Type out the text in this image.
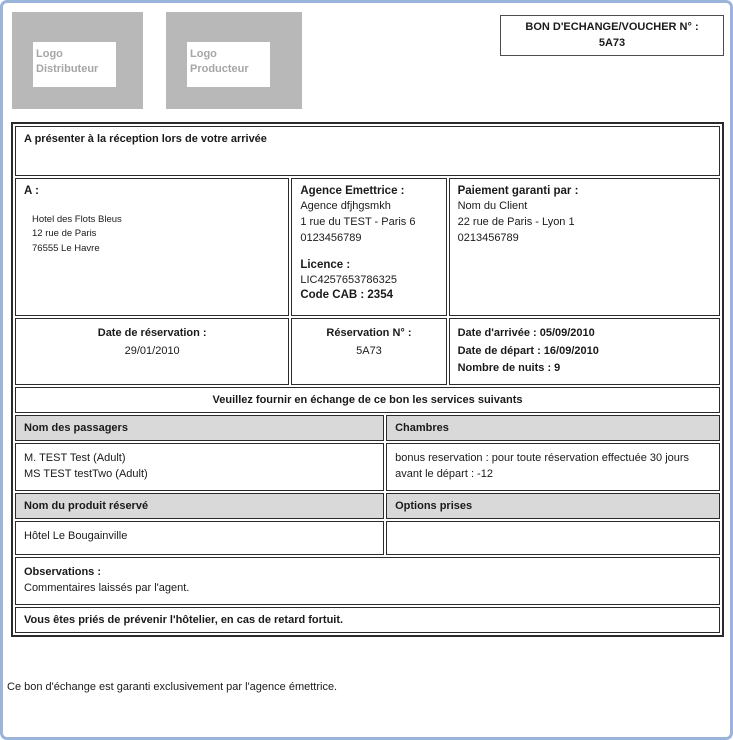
Logo Distributeur
Logo Producteur
BON D'ECHANGE/VOUCHER N° :
5A73
A présenter à la réception lors de votre arrivée			

A :
Hotel des Flots Bleus
12 rue de Paris
76555 Le Havre

Agence Emettrice :
Agence dfjhgsmkh
1 rue du TEST - Paris 6
0123456789
Licence :
LIC4257653786325
Code CAB : 2354

Paiement garanti par :
Nom du Client
22 rue de Paris - Lyon 1
0213456789

Date de réservation :
29/01/2010

Réservation N° :
5A73

Date d'arrivée : 05/09/2010
Date de départ : 16/09/2010
Nombre de nuits : 9

Veuillez fournir en échange de ce bon les services suivants			
Nom des passagers		Chambres	

M. TEST Test (Adult)
MS TEST testTwo (Adult)		bonus reservation : pour toute réservation effectuée 30 jours avant le départ : -12	

Nom du produit réservé		Options prises	

Hôtel Le Bougainville			

Observations :
Commentaires laissés par l'agent.			

Vous êtes priés de prévenir l'hôtelier, en cas de retard fortuit.			
Ce bon d'échange est garanti exclusivement par l'agence émettrice.
